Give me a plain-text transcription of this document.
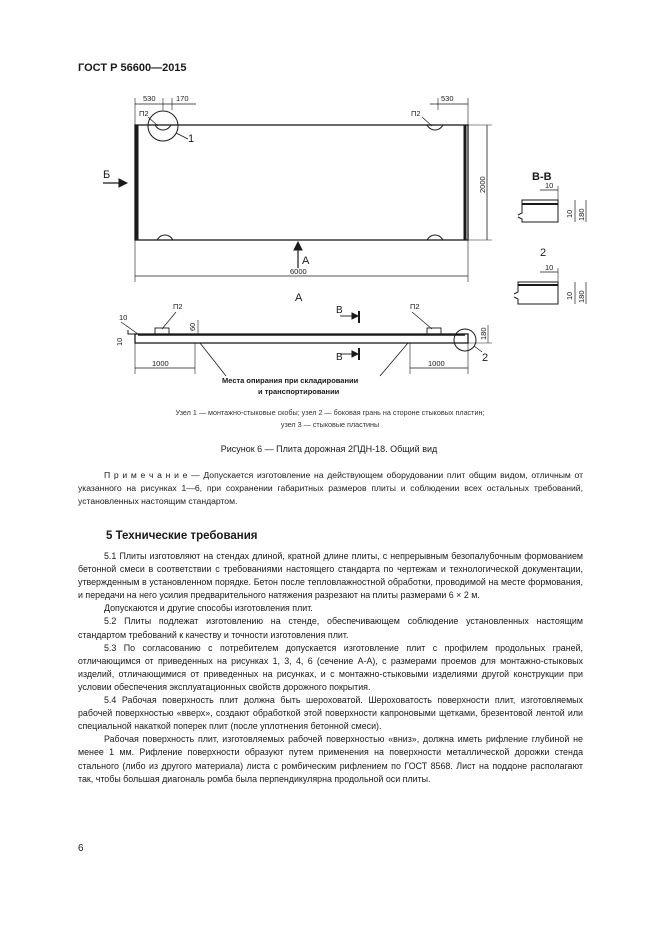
ГОСТ Р 56600—2015
530	170	530
П2	П2
1
Б
А
2000
6000
А
В-В
2
10
10 180
10
10 180
10
10
П2
60
В
В
П2
180
2
1000	1000
Места опирания при складировании
и транспортировании
Узел 1 — монтажно-стыковые скобы; узел 2 — боковая грань на стороне стыковых пластин;
узел 3 — стыковые пластины
Рисунок 6 — Плита дорожная 2ПДН-18. Общий вид
П р и м е ч а н и е — Допускается изготовление на действующем оборудовании плит общим видом, отличным от указанного на рисунках 1—6, при сохранении габаритных размеров плиты и соблюдении всех остальных требований, установленных настоящим стандартом.
5 Технические требования

5.1 Плиты изготовляют на стендах длиной, кратной длине плиты, с непрерывным безопалубочным формованием бетонной смеси в соответствии с требованиями настоящего стандарта по чертежам и технологической документации, утвержденным в установленном порядке. Бетон после тепловлажностной обработки, проводимой на месте формования, и передачи на него усилия предварительного натяжения разрезают на плиты размерами 6 × 2 м.

Допускаются и другие способы изготовления плит.

5.2 Плиты подлежат изготовлению на стенде, обеспечивающем соблюдение установленных настоящим стандартом требований к качеству и точности изготовления плит.

5.3 По согласованию с потребителем допускается изготовление плит с профилем продольных граней, отличающимся от приведенных на рисунках 1, 3, 4, 6 (сечение А-А), с размерами проемов для монтажно-стыковых изделий, отличающимися от приведенных на рисунках, и с монтажно-стыковыми изделиями другой конструкции при условии обеспечения эксплуатационных свойств дорожного покрытия.

5.4 Рабочая поверхность плит должна быть шероховатой. Шероховатость поверхности плит, изготовляемых рабочей поверхностью «вверх», создают обработкой этой поверхности капроновыми щетками, брезентовой лентой или специальной накаткой поперек плит (после уплотнения бетонной смеси).

Рабочая поверхность плит, изготовляемых рабочей поверхностью «вниз», должна иметь рифление глубиной не менее 1 мм. Рифление поверхности образуют путем применения на поверхности металлической дорожки стенда стального (либо из другого материала) листа с ромбическим рифлением по ГОСТ 8568. Лист на поддоне располагают так, чтобы большая диагональ ромба была перпендикулярна продольной оси плиты.

6
